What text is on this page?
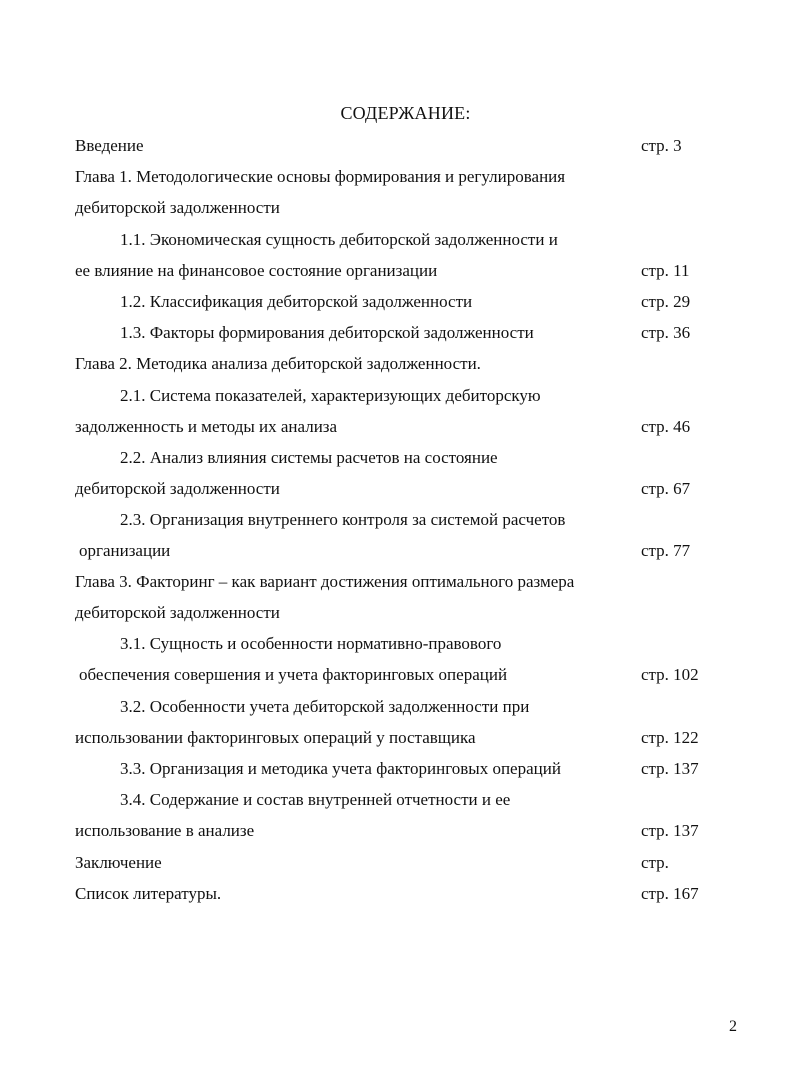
СОДЕРЖАНИЕ:
Введение	стр. 3
Глава 1. Методологические основы формирования и регулирования
дебиторской задолженности
1.1. Экономическая сущность дебиторской задолженности и
ее влияние на финансовое состояние организации	стр. 11
1.2. Классификация дебиторской задолженности	стр. 29
1.3. Факторы формирования дебиторской задолженности	стр. 36
Глава 2. Методика анализа дебиторской задолженности.
2.1. Система показателей, характеризующих дебиторскую
задолженность и методы их анализа	стр. 46
2.2. Анализ влияния системы расчетов на состояние
дебиторской задолженности	стр. 67
2.3. Организация внутреннего контроля за системой расчетов
организации	стр. 77
Глава 3. Факторинг – как вариант достижения оптимального размера
дебиторской задолженности
3.1. Сущность и особенности нормативно-правового
обеспечения совершения и учета факторинговых операций	стр. 102
3.2. Особенности учета дебиторской задолженности при
использовании факторинговых операций у поставщика	стр. 122
3.3. Организация и методика учета факторинговых операций	стр. 137
3.4. Содержание и состав внутренней отчетности и ее
использование в анализе	стр. 137
Заключение	стр.
Список литературы.	стр. 167
2
